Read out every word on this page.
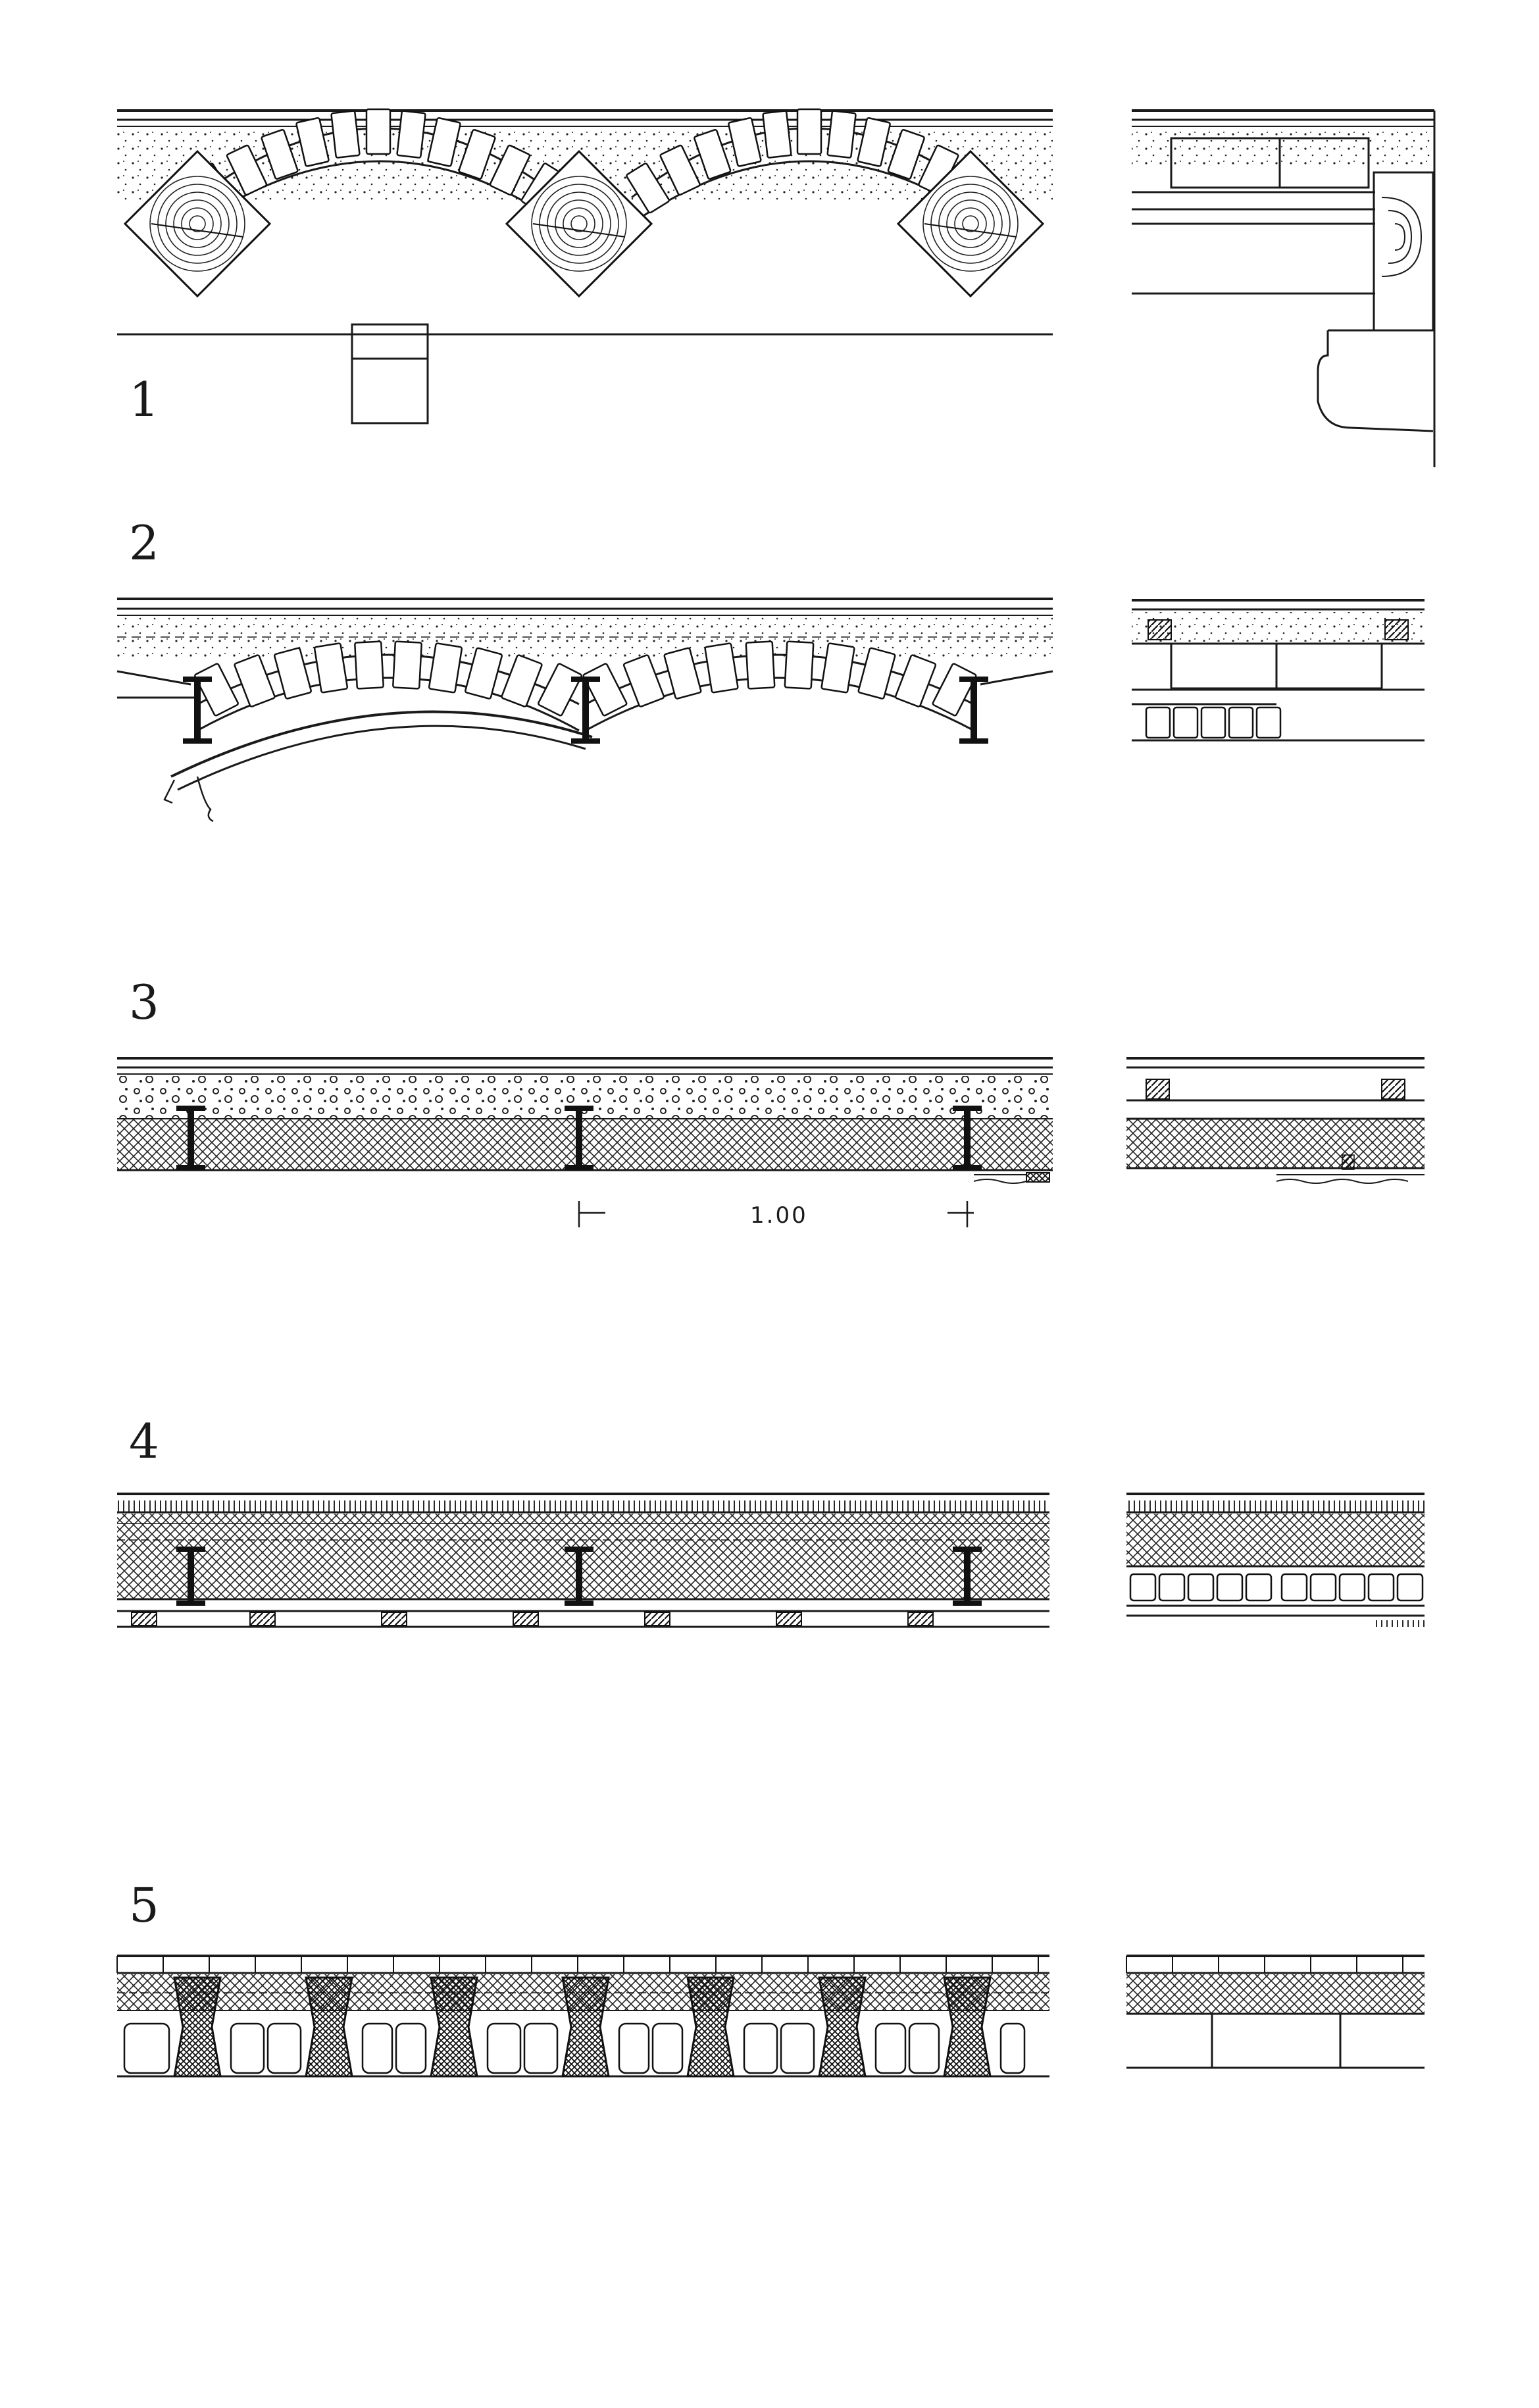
1
2
3
4
5
1.00
